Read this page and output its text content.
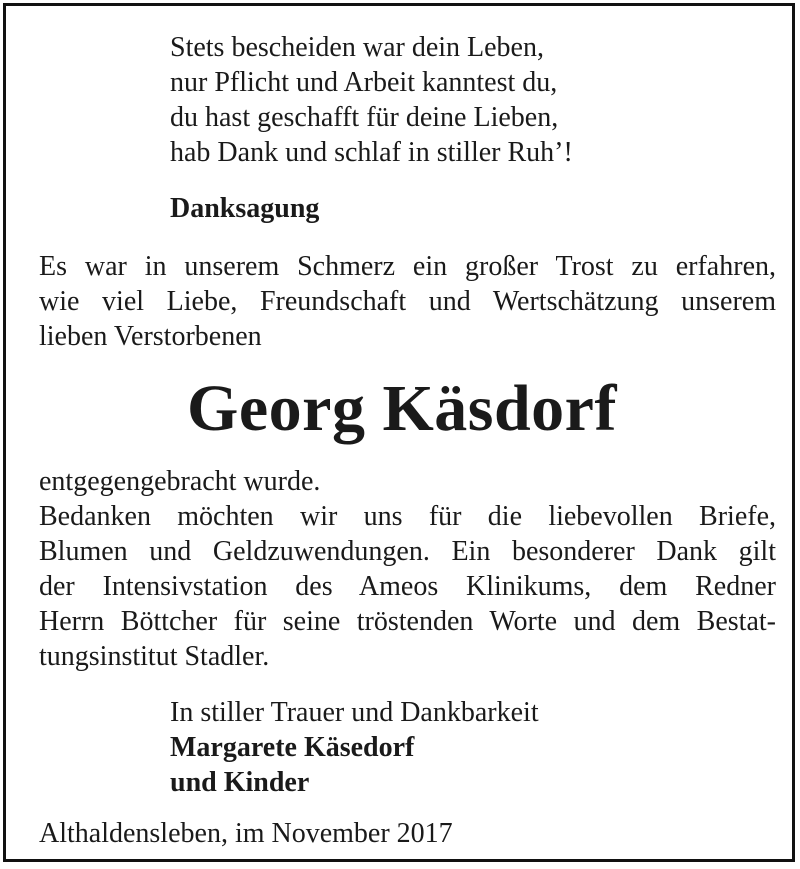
Stets bescheiden war dein Leben,
nur Pflicht und Arbeit kanntest du,
du hast geschafft für deine Lieben,
hab Dank und schlaf in stiller Ruh’!
Danksagung
Es war in unserem Schmerz ein großer Trost zu erfahren,
wie viel Liebe, Freundschaft und Wertschätzung unserem
lieben Verstorbenen
Georg Käsdorf
entgegengebracht wurde.
Bedanken möchten wir uns für die liebevollen Briefe,
Blumen und Geldzuwendungen. Ein besonderer Dank gilt
der Intensivstation des Ameos Klinikums, dem Redner
Herrn Böttcher für seine tröstenden Worte und dem Bestat-
tungsinstitut Stadler.
In stiller Trauer und Dankbarkeit
Margarete Käsedorf
und Kinder
Althaldensleben, im November 2017
